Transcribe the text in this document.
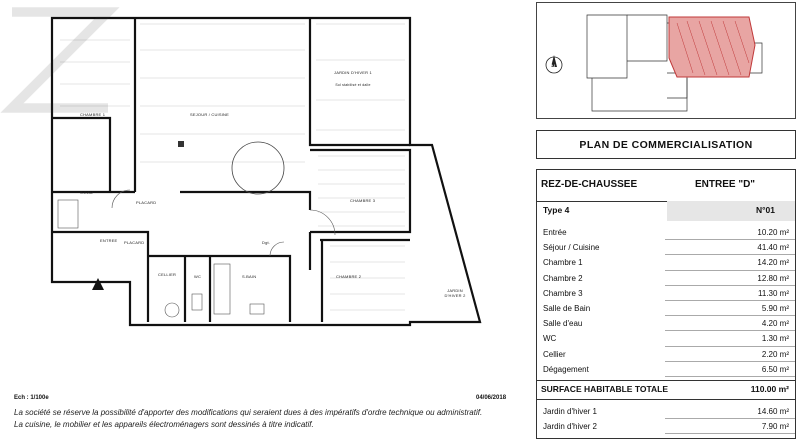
CHAMBRE 1	SEJOUR / CUISINE
JARDIN D'HIVER 1
Sol stabilisé et dalle
CHAMBRE 3
CHAMBRE 2
JARDIN D'HIVER 2
S.EAU
ENTREE
CELLIER	WC	S.BAIN
Dgt.
PLACARD
PLACARD
Ech : 1/100e	04/06/2018
La société se réserve la possibilité d'apporter des modifications qui seraient dues à des impératifs d'ordre technique ou administratif.
La cuisine, le mobilier et les appareils électroménagers sont dessinés à titre indicatif.
N
PLAN DE COMMERCIALISATION
REZ-DE-CHAUSSEE	ENTREE "D"
Type 4	N°01
Entrée	10.20 m²
Séjour / Cuisine	41.40 m²
Chambre 1	14.20 m²
Chambre 2	12.80 m²
Chambre 3	11.30 m²
Salle de Bain	5.90 m²
Salle d'eau	4.20 m²
WC	1.30 m²
Cellier	2.20 m²
Dégagement	6.50 m²
SURFACE HABITABLE TOTALE	110.00 m²
Jardin d'hiver 1	14.60 m²
Jardin d'hiver 2	7.90 m²
